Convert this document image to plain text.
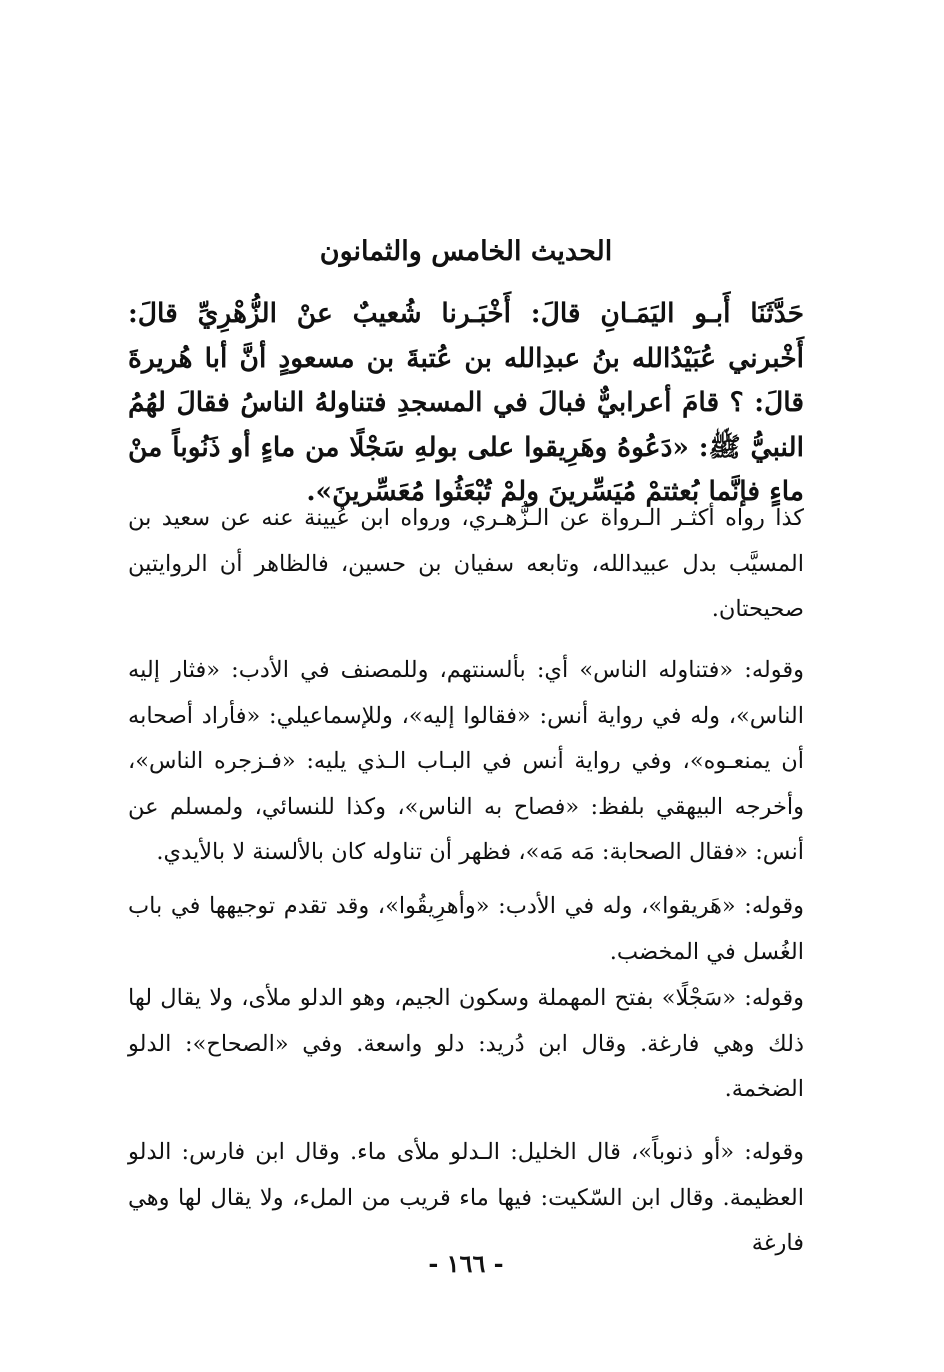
الحديث الخامس والثمانون
حَدَّثَنَا أَبـو اليَمَـانِ قالَ: أَخْبَـرنا شُعيبٌ عنْ الزُّهْرِيِّ قالَ: أَخْبرني عُبَيْدُالله بنُ عبدِالله بن عُتبةَ بن مسعودٍ أنَّ أبا هُريرةَ قالَ: ؟ قامَ أعرابيٌّ فبالَ في المسجدِ فتناولهُ الناسُ فقالَ لهُمُ النبيُّ ﷺ: «دَعُوهُ وهَرِيقوا على بولهِ سَجْلًا من ماءٍ أو ذَنُوباً منْ ماءٍ فإنَّما بُعثتمْ مُيَسِّرينَ ولمْ تُبْعَثُوا مُعَسِّرينَ».
كذا رواه أكثـر الـرواة عن الـزُّهـري، ورواه ابن عُيينة عنه عن سعيد بن المسيَّب بدل عبيدالله، وتابعه سفيان بن حسين، فالظاهر أن الروايتين صحيحتان.
وقوله: «فتناوله الناس» أي: بألسنتهم، وللمصنف في الأدب: «فثار إليه الناس»، وله في رواية أنس: «فقالوا إليه»، وللإسماعيلي: «فأراد أصحابه أن يمنعـوه»، وفي رواية أنس في البـاب الـذي يليه: «فـزجره الناس»، وأخرجه البيهقي بلفظ: «فصاح به الناس»، وكذا للنسائي، ولمسلم عن أنس: «فقال الصحابة: مَه مَه»، فظهر أن تناوله كان بالألسنة لا بالأيدي.
وقوله: «هَريقوا»، وله في الأدب: «وأهرِيقُوا»، وقد تقدم توجيهها في باب الغُسل في المخضب.
وقوله: «سَجْلًا» بفتح المهملة وسكون الجيم، وهو الدلو ملأى، ولا يقال لها ذلك وهي فارغة. وقال ابن دُريد: دلو واسعة. وفي «الصحاح»: الدلو الضخمة.
وقوله: «أو ذنوباً»، قال الخليل: الـدلو ملأى ماء. وقال ابن فارس: الدلو العظيمة. وقال ابن السّكيت: فيها ماء قريب من الملء، ولا يقال لها وهي فارغة
- ١٦٦ -
